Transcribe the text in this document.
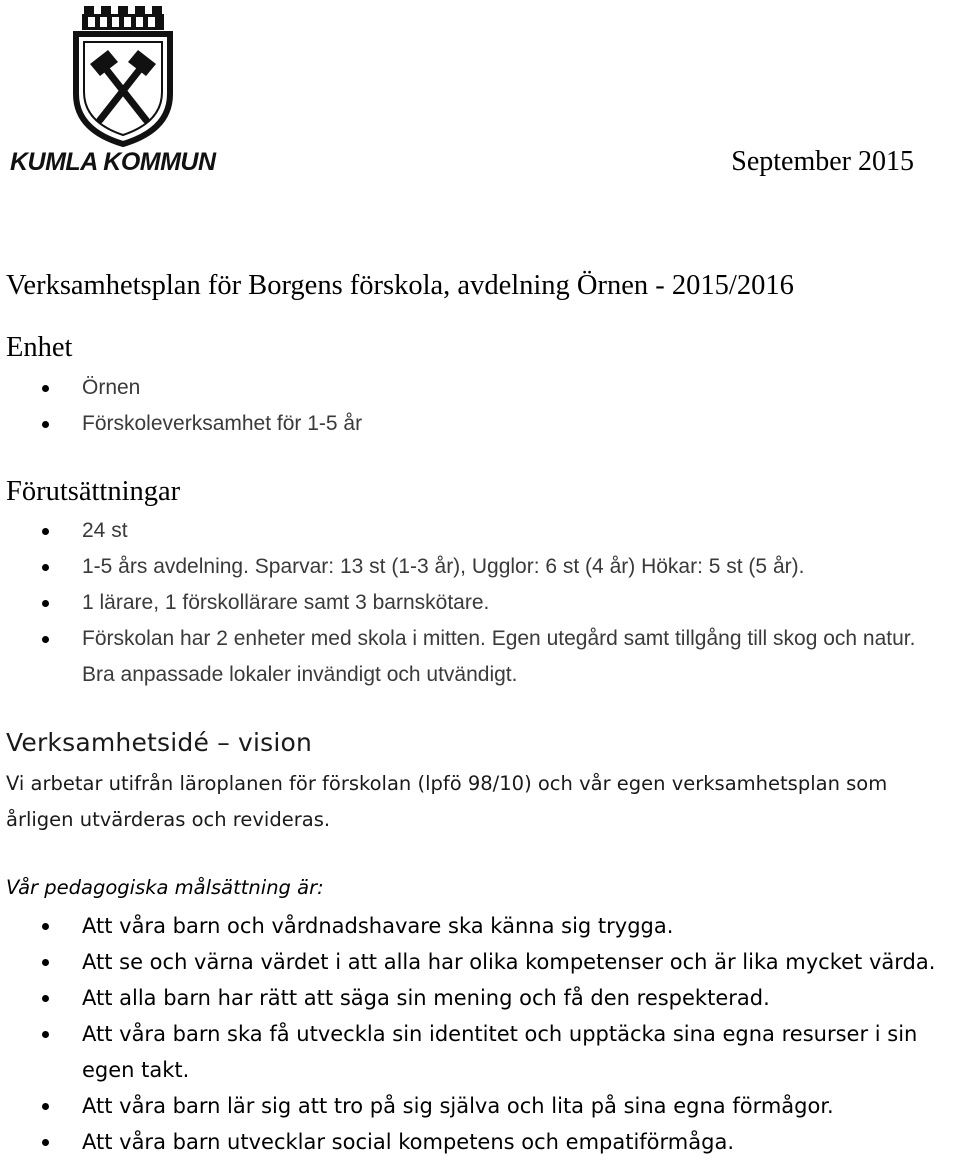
KUMLA KOMMUN	September 2015
Verksamhetsplan för Borgens förskola, avdelning Örnen - 2015/2016
Enhet
Örnen
Förskoleverksamhet för 1-5 år
Förutsättningar
24 st
1-5 års avdelning. Sparvar: 13 st (1-3 år), Ugglor: 6 st (4 år) Hökar: 5 st (5 år).
1 lärare, 1 förskollärare samt 3 barnskötare.
Förskolan har 2 enheter med skola i mitten. Egen utegård samt tillgång till skog och natur. Bra anpassade lokaler invändigt och utvändigt.
Verksamhetsidé – vision

Vi arbetar utifrån läroplanen för förskolan (lpfö 98/10) och vår egen verksamhetsplan som årligen utvärderas och revideras.

Vår pedagogiska målsättning är:
Att våra barn och vårdnadshavare ska känna sig trygga.
Att se och värna värdet i att alla har olika kompetenser och är lika mycket värda.
Att alla barn har rätt att säga sin mening och få den respekterad.
Att våra barn ska få utveckla sin identitet och upptäcka sina egna resurser i sin egen takt.
Att våra barn lär sig att tro på sig själva och lita på sina egna förmågor.
Att våra barn utvecklar social kompetens och empatiförmåga.
